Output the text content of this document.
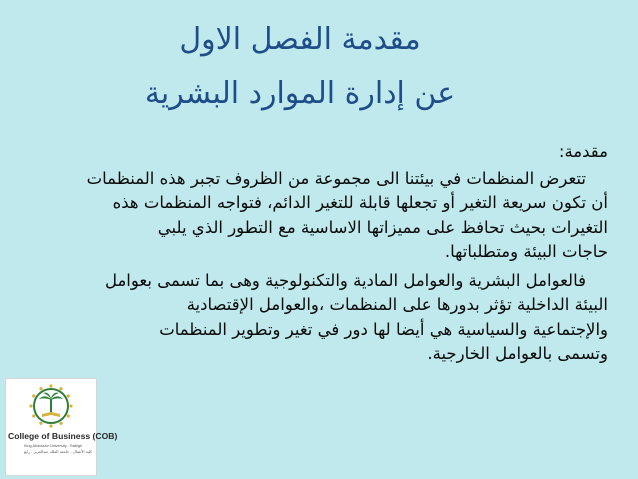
مقدمة الفصل الاول
عن إدارة الموارد البشرية
مقدمة:
تتعرض المنظمات في بيئتنا الى مجموعة من الظروف تجبر هذه المنظمات
أن تكون سريعة التغير أو تجعلها قابلة للتغير الدائم، فتواجه المنظمات هذه
التغيرات بحيث تحافظ على مميزاتها الاساسية مع التطور الذي يلبي
حاجات البيئة ومتطلباتها.
فالعوامل البشرية والعوامل المادية والتكنولوجية وهى بما تسمى بعوامل
البيئة الداخلية تؤثر بدورها على المنظمات ،والعوامل الإقتصادية
والإجتماعية والسياسية هي أيضا لها دور في تغير وتطوير المنظمات
وتسمى بالعوامل الخارجية.
College of Business (COB)
King Abdulaziz University - Rabigh
كلية الأعمال - جامعة الملك عبدالعزيز - رابغ
